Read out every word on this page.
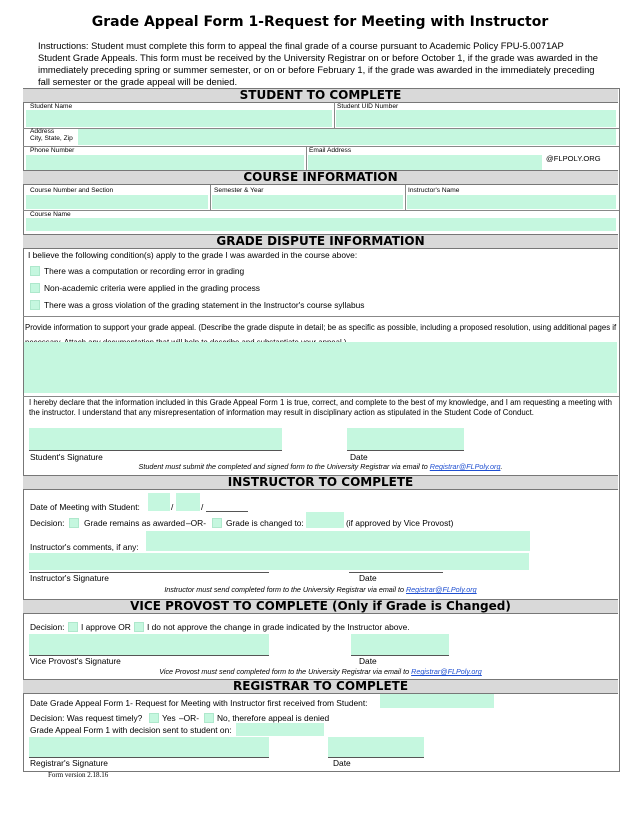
Grade Appeal Form 1-Request for Meeting with Instructor
Instructions: Student must complete this form to appeal the final grade of a course pursuant to Academic Policy FPU-5.0071AP Student Grade Appeals. This form must be received by the University Registrar on or before October 1, if the grade was awarded in the immediately preceding spring or summer semester, or on or before February 1, if the grade was awarded in the immediately preceding fall semester or the grade appeal will be denied.
STUDENT TO COMPLETE
Student Name	Student UID Number
Address
City, State, Zip
Phone Number	Email Address
@FLPOLY.ORG
COURSE INFORMATION
Course Number and Section	Semester & Year	Instructor's Name
Course Name
GRADE DISPUTE INFORMATION
I believe the following condition(s) apply to the grade I was awarded in the course above:
There was a computation or recording error in grading
Non-academic criteria were applied in the grading process
There was a gross violation of the grading statement in the Instructor's course syllabus
Provide information to support your grade appeal. (Describe the grade dispute in detail; be as specific as possible, including a proposed resolution, using additional pages if
I hereby declare that the information included in this Grade Appeal Form 1 is true, correct, and complete to the best of my knowledge, and I am requesting a meeting with the instructor. I understand that any misrepresentation of information may result in disciplinary action as stipulated in the Student Code of Conduct.
Student's Signature	Date
Student must submit the completed and signed form to the University Registrar via email to Registrar@FLPoly.org.
INSTRUCTOR TO COMPLETE
Date of Meeting with Student:	/	/
Decision: Grade remains as awarded –OR- Grade is changed to:	(if approved by Vice Provost)
Instructor's comments, if any:
Instructor's Signature	Date
Instructor must send completed form to the University Registrar via email to Registrar@FLPoly.org
VICE PROVOST TO COMPLETE (Only if Grade is Changed)
Decision: I approve OR I do not approve the change in grade indicated by the Instructor above.
Vice Provost's Signature	Date
Vice Provost must send completed form to the University Registrar via email to Registrar@FLPoly.org
REGISTRAR TO COMPLETE
Date Grade Appeal Form 1- Request for Meeting with Instructor first received from Student:
Decision: Was request timely? Yes –OR- No, therefore appeal is denied
Grade Appeal Form 1 with decision sent to student on:
Registrar's Signature	Date
Form version 2.18.16
